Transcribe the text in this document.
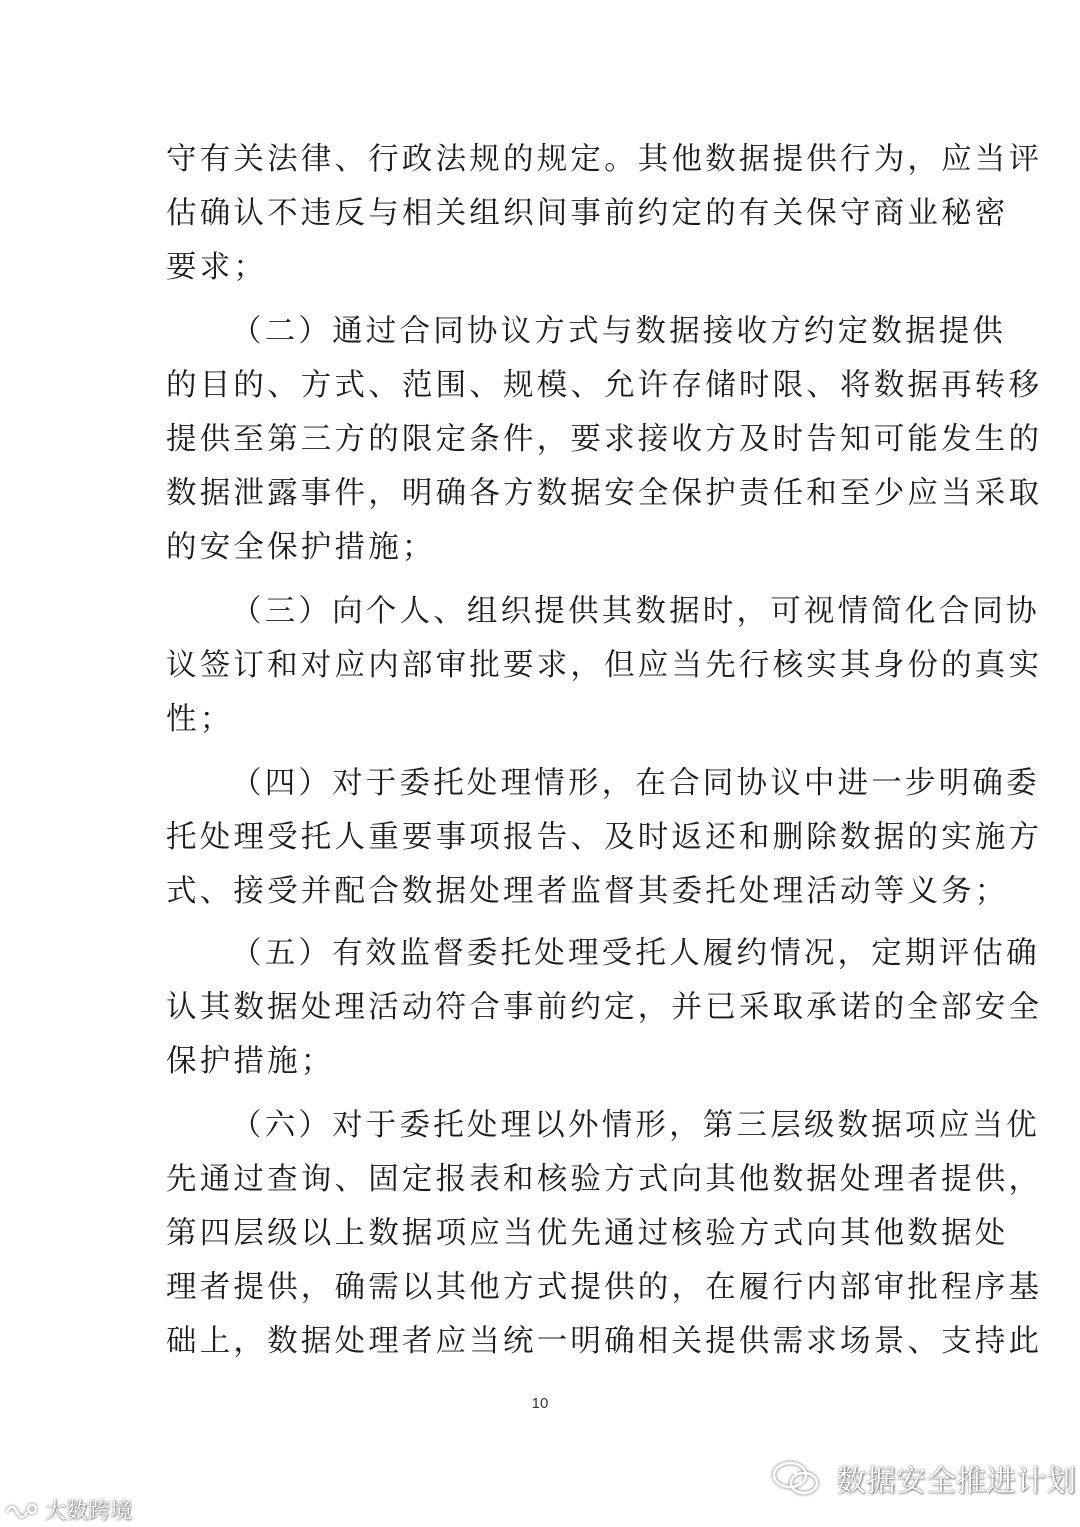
守有关法律、行政法规的规定。其他数据提供行为，应当评
估确认不违反与相关组织间事前约定的有关保守商业秘密
要求；
（二）通过合同协议方式与数据接收方约定数据提供
的目的、方式、范围、规模、允许存储时限、将数据再转移
提供至第三方的限定条件，要求接收方及时告知可能发生的
数据泄露事件，明确各方数据安全保护责任和至少应当采取
的安全保护措施；
（三）向个人、组织提供其数据时，可视情简化合同协
议签订和对应内部审批要求，但应当先行核实其身份的真实
性；
（四）对于委托处理情形，在合同协议中进一步明确委
托处理受托人重要事项报告、及时返还和删除数据的实施方
式、接受并配合数据处理者监督其委托处理活动等义务；
（五）有效监督委托处理受托人履约情况，定期评估确
认其数据处理活动符合事前约定，并已采取承诺的全部安全
保护措施；
（六）对于委托处理以外情形，第三层级数据项应当优
先通过查询、固定报表和核验方式向其他数据处理者提供，
第四层级以上数据项应当优先通过核验方式向其他数据处
理者提供，确需以其他方式提供的，在履行内部审批程序基
础上，数据处理者应当统一明确相关提供需求场景、支持此
10
数据安全推进计划
大数跨境
